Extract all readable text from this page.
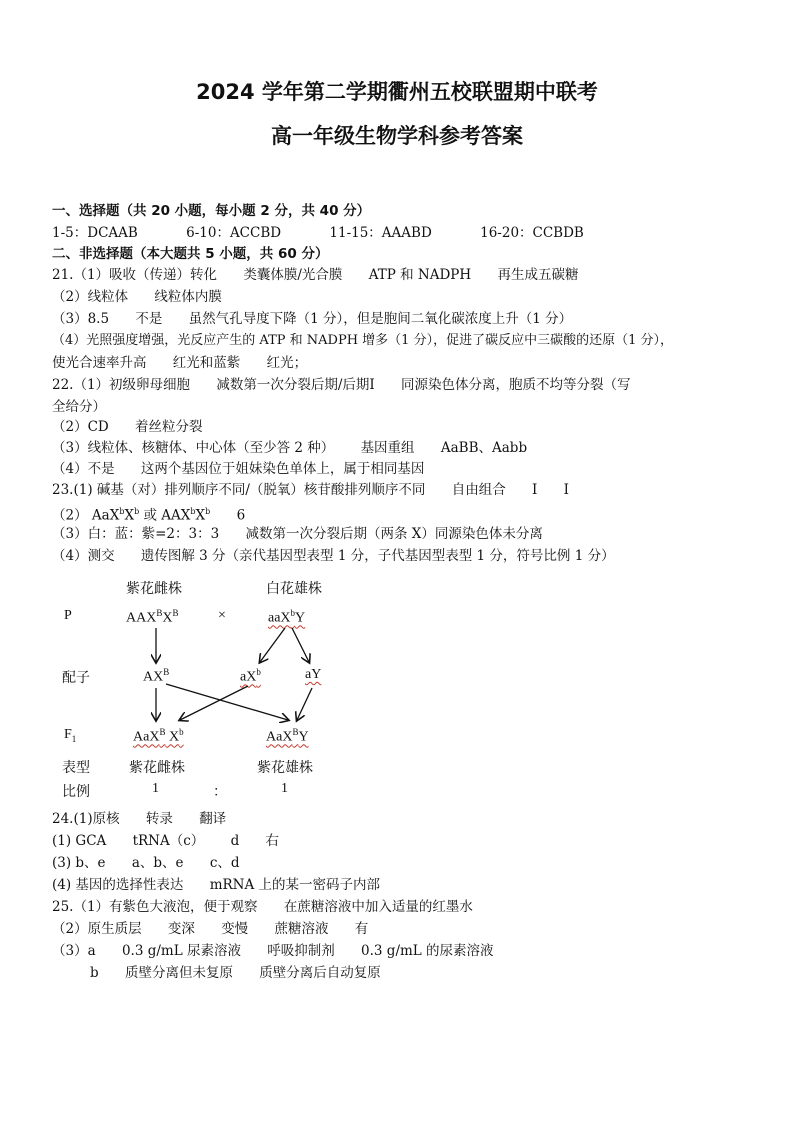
2024 学年第二学期衢州五校联盟期中联考
高一年级生物学科参考答案
一、选择题（共 20 小题，每小题 2 分，共 40 分）
1-5：DCAAB	6-10：ACCBD	11-15：AAABD	16-20：CCBDB
二、非选择题（本大题共 5 小题，共 60 分）
21.（1）吸收（传递）转化 类囊体膜/光合膜 ATP 和 NADPH 再生成五碳糖
（2）线粒体 线粒体内膜
（3）8.5 不是 虽然气孔导度下降（1 分），但是胞间二氧化碳浓度上升（1 分）
（4）光照强度增强，光反应产生的 ATP 和 NADPH 增多（1 分），促进了碳反应中三碳酸的还原（1 分），
使光合速率升高 红光和蓝紫 红光；
22.（1）初级卵母细胞 减数第一次分裂后期/后期Ⅰ 同源染色体分离，胞质不均等分裂（写
全给分）
（2）CD 着丝粒分裂
（3）线粒体、核糖体、中心体（至少答 2 种） 基因重组 AaBB、Aabb
（4）不是 这两个基因位于姐妹染色单体上，属于相同基因
23.(1) 碱基（对）排列顺序不同/（脱氧）核苷酸排列顺序不同 自由组合 Ⅰ Ⅰ
（2） $AaX^bX^b$ 或 $AAX^bX^b$ 6
（3）白：蓝：紫=2：3：3 减数第一次分裂后期（两条 X）同源染色体未分离
（4）测交 遗传图解 3 分（亲代基因型表型 1 分，子代基因型表型 1 分，符号比例 1 分）
紫花雌株	白花雄株
P	$AAX^BX^B$	×	aaX$^b$Y
配子	$AX^B$	$aX^b$	aY
$F_1$	AaX$^B$ $X^b$	AaX$^B$Y
表型	紫花雌株	紫花雄株
比例	1	：	1
24.(1)原核 转录 翻译
(1) GCA tRNA（c） d 右
(3) b、e a、b、e c、d
(4) 基因的选择性表达 mRNA 上的某一密码子内部
25.（1）有紫色大液泡，便于观察 在蔗糖溶液中加入适量的红墨水
（2）原生质层 变深 变慢 蔗糖溶液 有
（3）a 0.3 g/mL 尿素溶液 呼吸抑制剂 0.3 g/mL 的尿素溶液
b 质壁分离但未复原 质壁分离后自动复原
